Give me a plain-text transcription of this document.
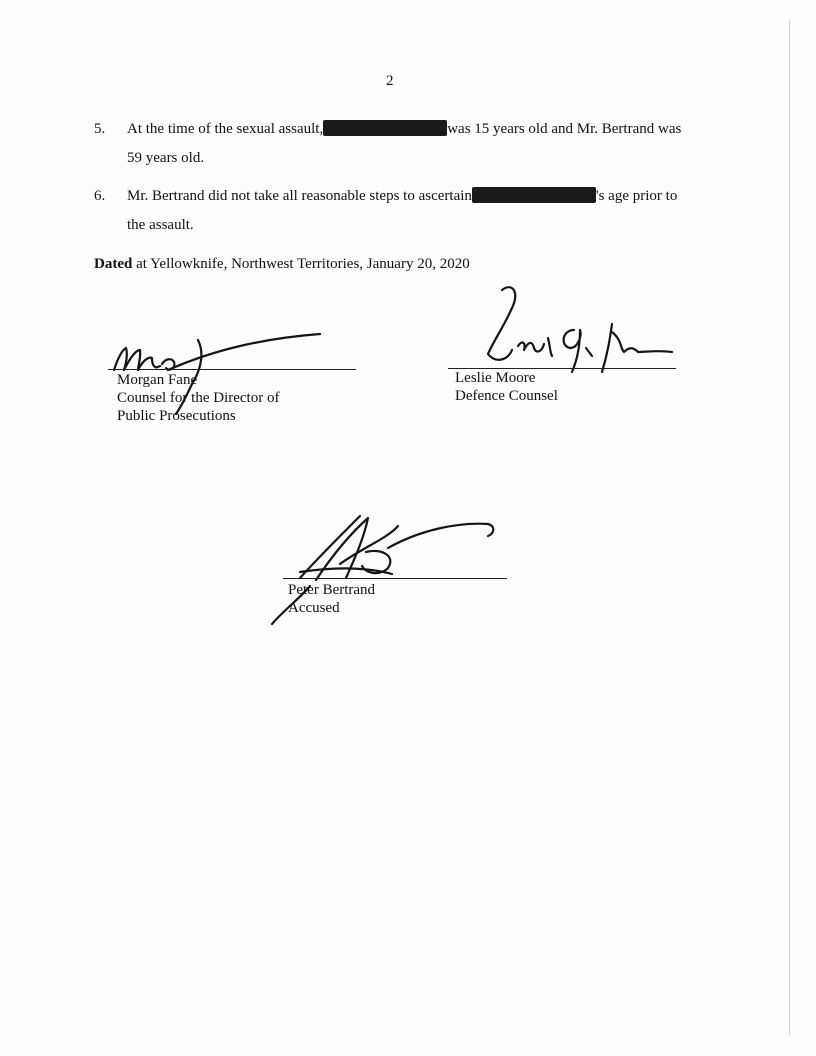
2
5. At the time of the sexual assault,	was 15 years old and Mr. Bertrand was
59 years old.
6. Mr. Bertrand did not take all reasonable steps to ascertain	's age prior to
the assault.
Dated at Yellowknife, Northwest Territories, January 20, 2020
Morgan Fane
Counsel for the Director of
Public Prosecutions
Leslie Moore
Defence Counsel
Peter Bertrand
Accused
